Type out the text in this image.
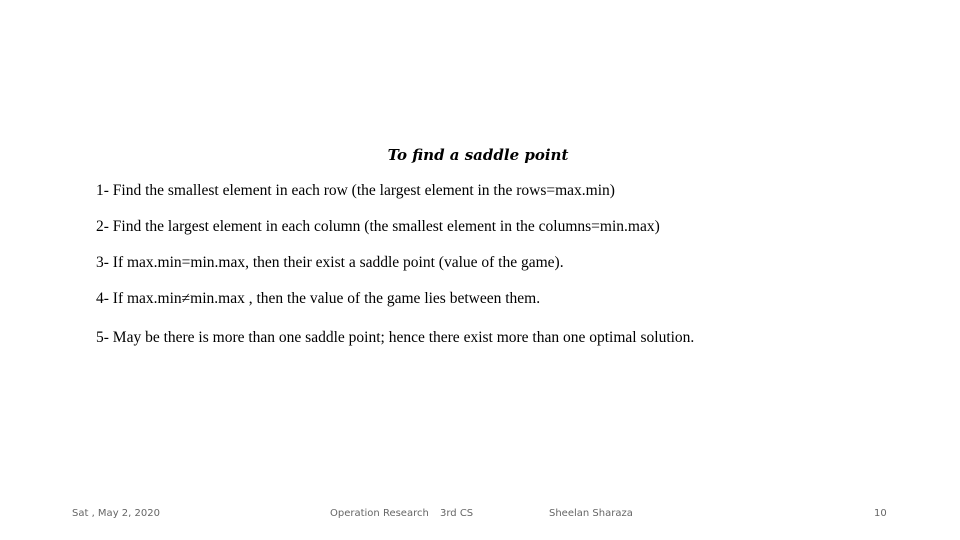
To find a saddle point
1- Find the smallest element in each row (the largest element in the rows=max.min)
2- Find the largest element in each column (the smallest element in the columns=min.max)
3- If max.min=min.max, then their exist a saddle point (value of the game).
4- If max.min≠min.max , then the value of the game lies between them.
5- May be there is more than one saddle point; hence there exist more than one optimal solution.
Sat , May 2, 2020	Operation Research 3rd CS	Sheelan Sharaza	10
